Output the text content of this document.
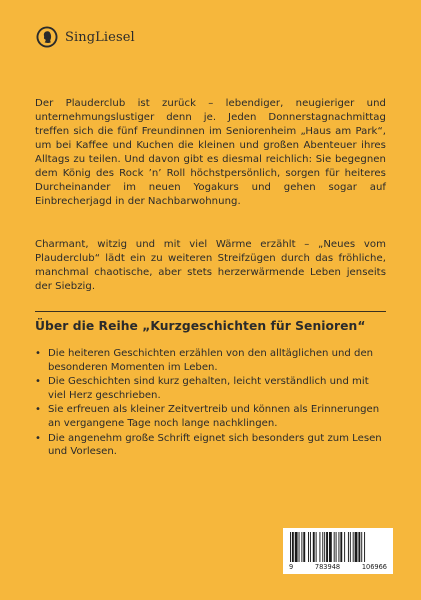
SingLiesel

Der Plauderclub ist zurück – lebendiger, neugieriger und unternehmungslustiger denn je. Jeden Donnerstagnachmittag treffen sich die fünf Freundinnen im Seniorenheim „Haus am Park“, um bei Kaffee und Kuchen die kleinen und großen Abenteuer ihres Alltags zu teilen. Und davon gibt es diesmal reichlich: Sie begegnen dem König des Rock ’n’ Roll höchstpersönlich, sorgen für heiteres Durcheinander im neuen Yogakurs und gehen sogar auf Einbrecherjagd in der Nachbarwohnung.

Charmant, witzig und mit viel Wärme erzählt – „Neues vom Plauderclub“ lädt ein zu weiteren Streifzügen durch das fröhliche, manchmal chaotische, aber stets herzerwärmende Leben jenseits der Siebzig.

Über die Reihe „Kurzgeschichten für Senioren“
• Die heiteren Geschichten erzählen von den alltäglichen und den besonderen Momenten im Leben.
• Die Geschichten sind kurz gehalten, leicht verständlich und mit viel Herz geschrieben.
• Sie erfreuen als kleiner Zeitvertreib und können als Erinnerungen an vergangene Tage noch lange nachklingen.
• Die angenehm große Schrift eignet sich besonders gut zum Lesen und Vorlesen.
9	783948	106966
